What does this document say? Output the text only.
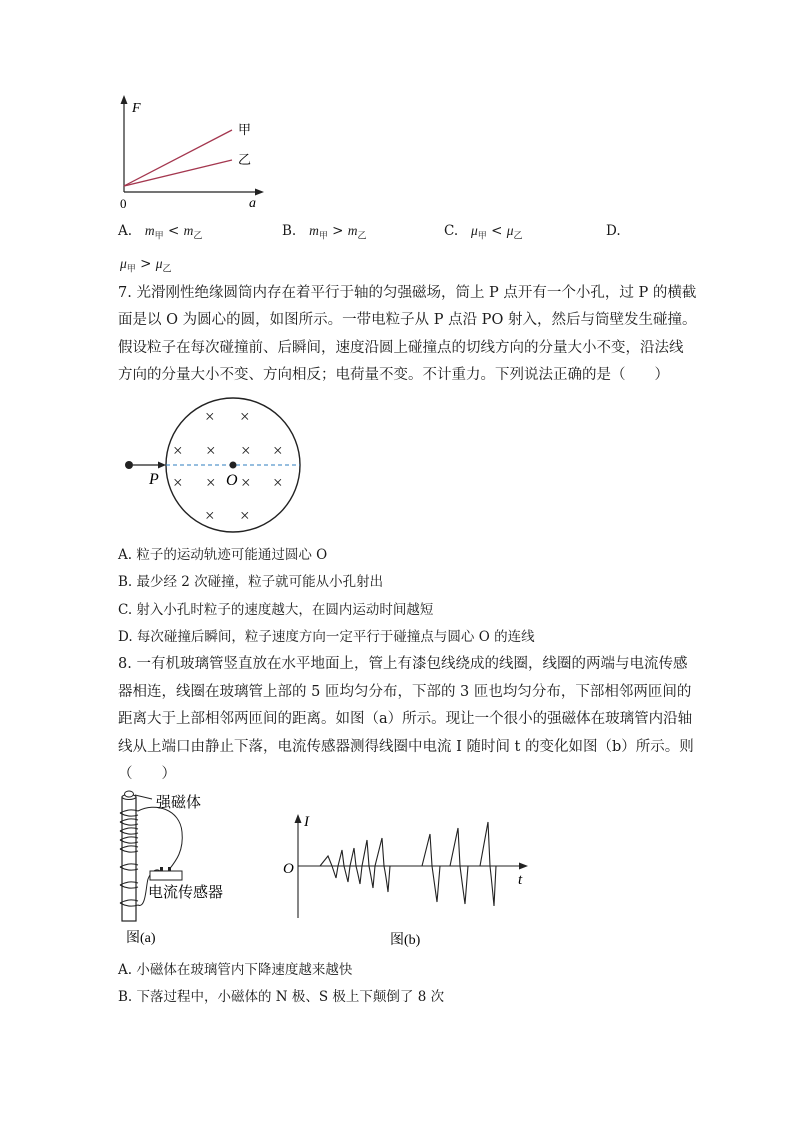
F
a
0
甲
乙
A. $m_甲 < m_乙$	B. $m_甲 > m_乙$	C. $\mu_甲 < \mu_乙$	D.
$\mu_甲 > \mu_乙$
7. 光滑刚性绝缘圆筒内存在着平行于轴的匀强磁场，筒上 P 点开有一个小孔，过 P 的横截
面是以 O 为圆心的圆，如图所示。一带电粒子从 P 点沿 PO 射入，然后与筒壁发生碰撞。
假设粒子在每次碰撞前、后瞬间，速度沿圆上碰撞点的切线方向的分量大小不变，沿法线
方向的分量大小不变、方向相反；电荷量不变。不计重力。下列说法正确的是（　　）
P	O
× ×
× × × ×
× × × ×
× ×
A. 粒子的运动轨迹可能通过圆心 O
B. 最少经 2 次碰撞，粒子就可能从小孔射出
C. 射入小孔时粒子的速度越大，在圆内运动时间越短
D. 每次碰撞后瞬间，粒子速度方向一定平行于碰撞点与圆心 O 的连线
8. 一有机玻璃管竖直放在水平地面上，管上有漆包线绕成的线圈，线圈的两端与电流传感
器相连，线圈在玻璃管上部的 5 匝均匀分布，下部的 3 匝也均匀分布，下部相邻两匝间的
距离大于上部相邻两匝间的距离。如图（a）所示。现让一个很小的强磁体在玻璃管内沿轴
线从上端口由静止下落，电流传感器测得线圈中电流 I 随时间 t 的变化如图（b）所示。则
（　　）
强磁体
电流传感器
图(a)
I
t
O
图(b)
A. 小磁体在玻璃管内下降速度越来越快
B. 下落过程中，小磁体的 N 极、S 极上下颠倒了 8 次
